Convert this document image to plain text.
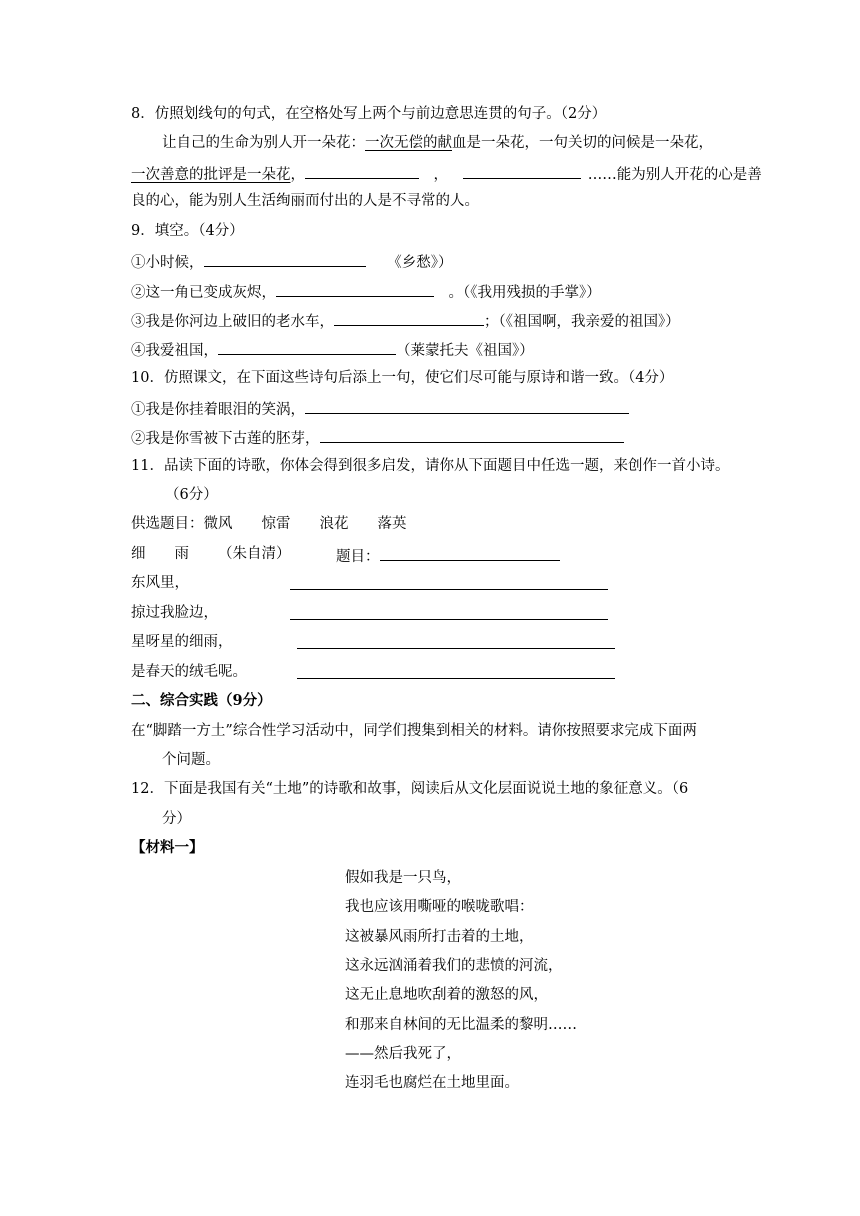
8．仿照划线句的句式，在空格处写上两个与前边意思连贯的句子。（2分）
让自己的生命为别人开一朵花：一次无偿的献血是一朵花，一句关切的问候是一朵花，
一次善意的批评是一朵花， 	，  	……能为别人开花的心是善
良的心，能为别人生活绚丽而付出的人是不寻常的人。
9．填空。（4分）
①小时候，  	《乡愁》）
②这一角已变成灰烬， 	。（《我用残损的手掌》）
③我是你河边上破旧的老水车，	；（《祖国啊，我亲爱的祖国》）
④我爱祖国，	（莱蒙托夫《祖国》）
10．仿照课文，在下面这些诗句后添上一句，使它们尽可能与原诗和谐一致。（4分）
①我是你挂着眼泪的笑涡，
②我是你雪被下古莲的胚芽，
11．品读下面的诗歌，你体会得到很多启发，请你从下面题目中任选一题，来创作一首小诗。
（6分）
供选题目：微风   惊雷   浪花   落英
细　　雨   （朱自清）	题目：
东风里，
掠过我脸边，
星呀星的细雨，
是春天的绒毛呢。
二、综合实践（9分）
在“脚踏一方土”综合性学习活动中，同学们搜集到相关的材料。请你按照要求完成下面两
个问题。
12．下面是我国有关“土地”的诗歌和故事，阅读后从文化层面说说土地的象征意义。（6
分）
【材料一】
假如我是一只鸟，
我也应该用嘶哑的喉咙歌唱：
这被暴风雨所打击着的土地，
这永远汹涌着我们的悲愤的河流，
这无止息地吹刮着的激怒的风，
和那来自林间的无比温柔的黎明……
——然后我死了，
连羽毛也腐烂在土地里面。
